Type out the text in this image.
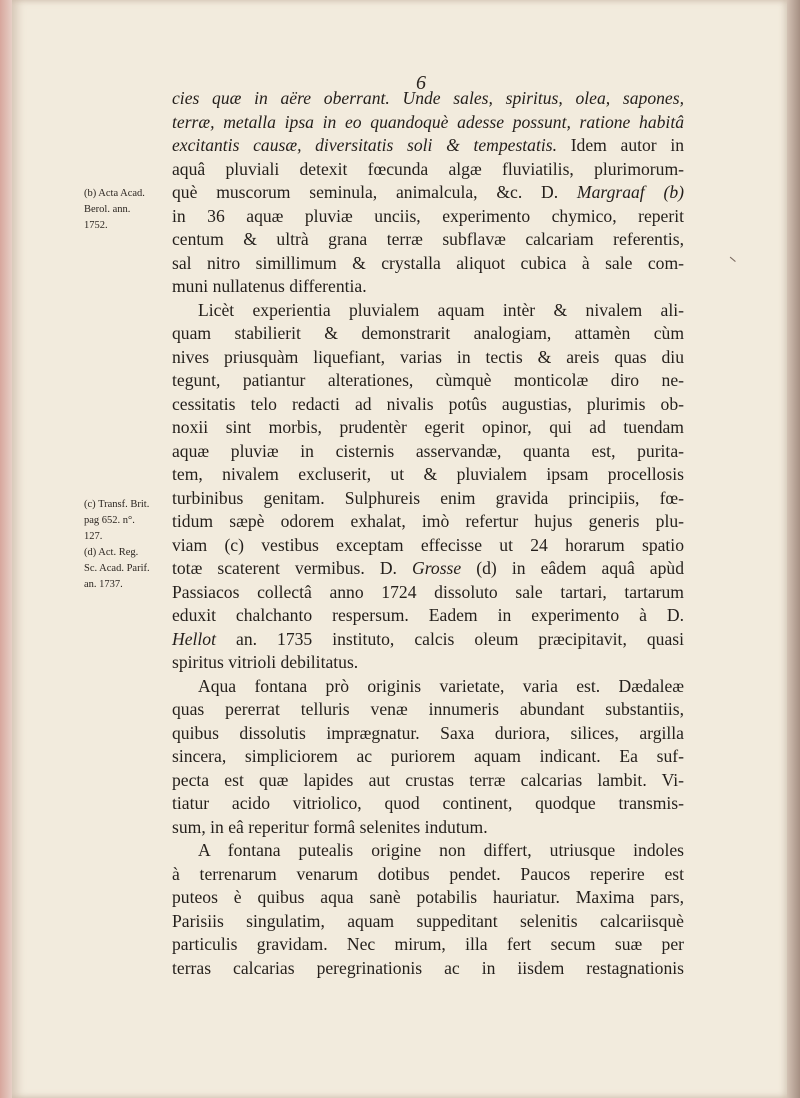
6
(b) Acta Acad.
Berol. ann.
1752.
(c) Transf. Brit.
pag 652. n°.
127.
(d) Act. Reg.
Sc. Acad. Parif.
an. 1737.
cies quæ in aëre oberrant. Unde sales, spiritus, olea, sapones,
terræ, metalla ipsa in eo quandoquè adesse possunt, ratione habitâ
excitantis causæ, diversitatis soli & tempestatis. Idem autor in
aquâ pluviali detexit fœcunda algæ fluviatilis, plurimorum-
què muscorum seminula, animalcula, &c. D. Margraaf (b)
in 36 aquæ pluviæ unciis, experimento chymico, reperit
centum & ultrà grana terræ subflavæ calcariam referentis,
sal nitro simillimum & crystalla aliquot cubica à sale com-
muni nullatenus differentia.
Licèt experientia pluvialem aquam intèr & nivalem ali-
quam stabilierit & demonstrarit analogiam, attamèn cùm
nives priusquàm liquefiant, varias in tectis & areis quas diu
tegunt, patiantur alterationes, cùmquè monticolæ diro ne-
cessitatis telo redacti ad nivalis potûs augustias, plurimis ob-
noxii sint morbis, prudentèr egerit opinor, qui ad tuendam
aquæ pluviæ in cisternis asservandæ, quanta est, purita-
tem, nivalem excluserit, ut & pluvialem ipsam procellosis
turbinibus genitam. Sulphureis enim gravida principiis, fœ-
tidum sæpè odorem exhalat, imò refertur hujus generis plu-
viam (c) vestibus exceptam effecisse ut 24 horarum spatio
totæ scaterent vermibus. D. Grosse (d) in eâdem aquâ apùd
Passiacos collectâ anno 1724 dissoluto sale tartari, tartarum
eduxit chalchanto respersum. Eadem in experimento à D.
Hellot an. 1735 instituto, calcis oleum præcipitavit, quasi
spiritus vitrioli debilitatus.
Aqua fontana prò originis varietate, varia est. Dædaleæ
quas pererrat telluris venæ innumeris abundant substantiis,
quibus dissolutis imprægnatur. Saxa duriora, silices, argilla
sincera, simpliciorem ac puriorem aquam indicant. Ea suf-
pecta est quæ lapides aut crustas terræ calcarias lambit. Vi-
tiatur acido vitriolico, quod continent, quodque transmis-
sum, in eâ reperitur formâ selenites indutum.
A fontana putealis origine non differt, utriusque indoles
à terrenarum venarum dotibus pendet. Paucos reperire est
puteos è quibus aqua sanè potabilis hauriatur. Maxima pars,
Parisiis singulatim, aquam suppeditant selenitis calcariisquè
particulis gravidam. Nec mirum, illa fert secum suæ per
terras calcarias peregrinationis ac in iisdem restagnationis
